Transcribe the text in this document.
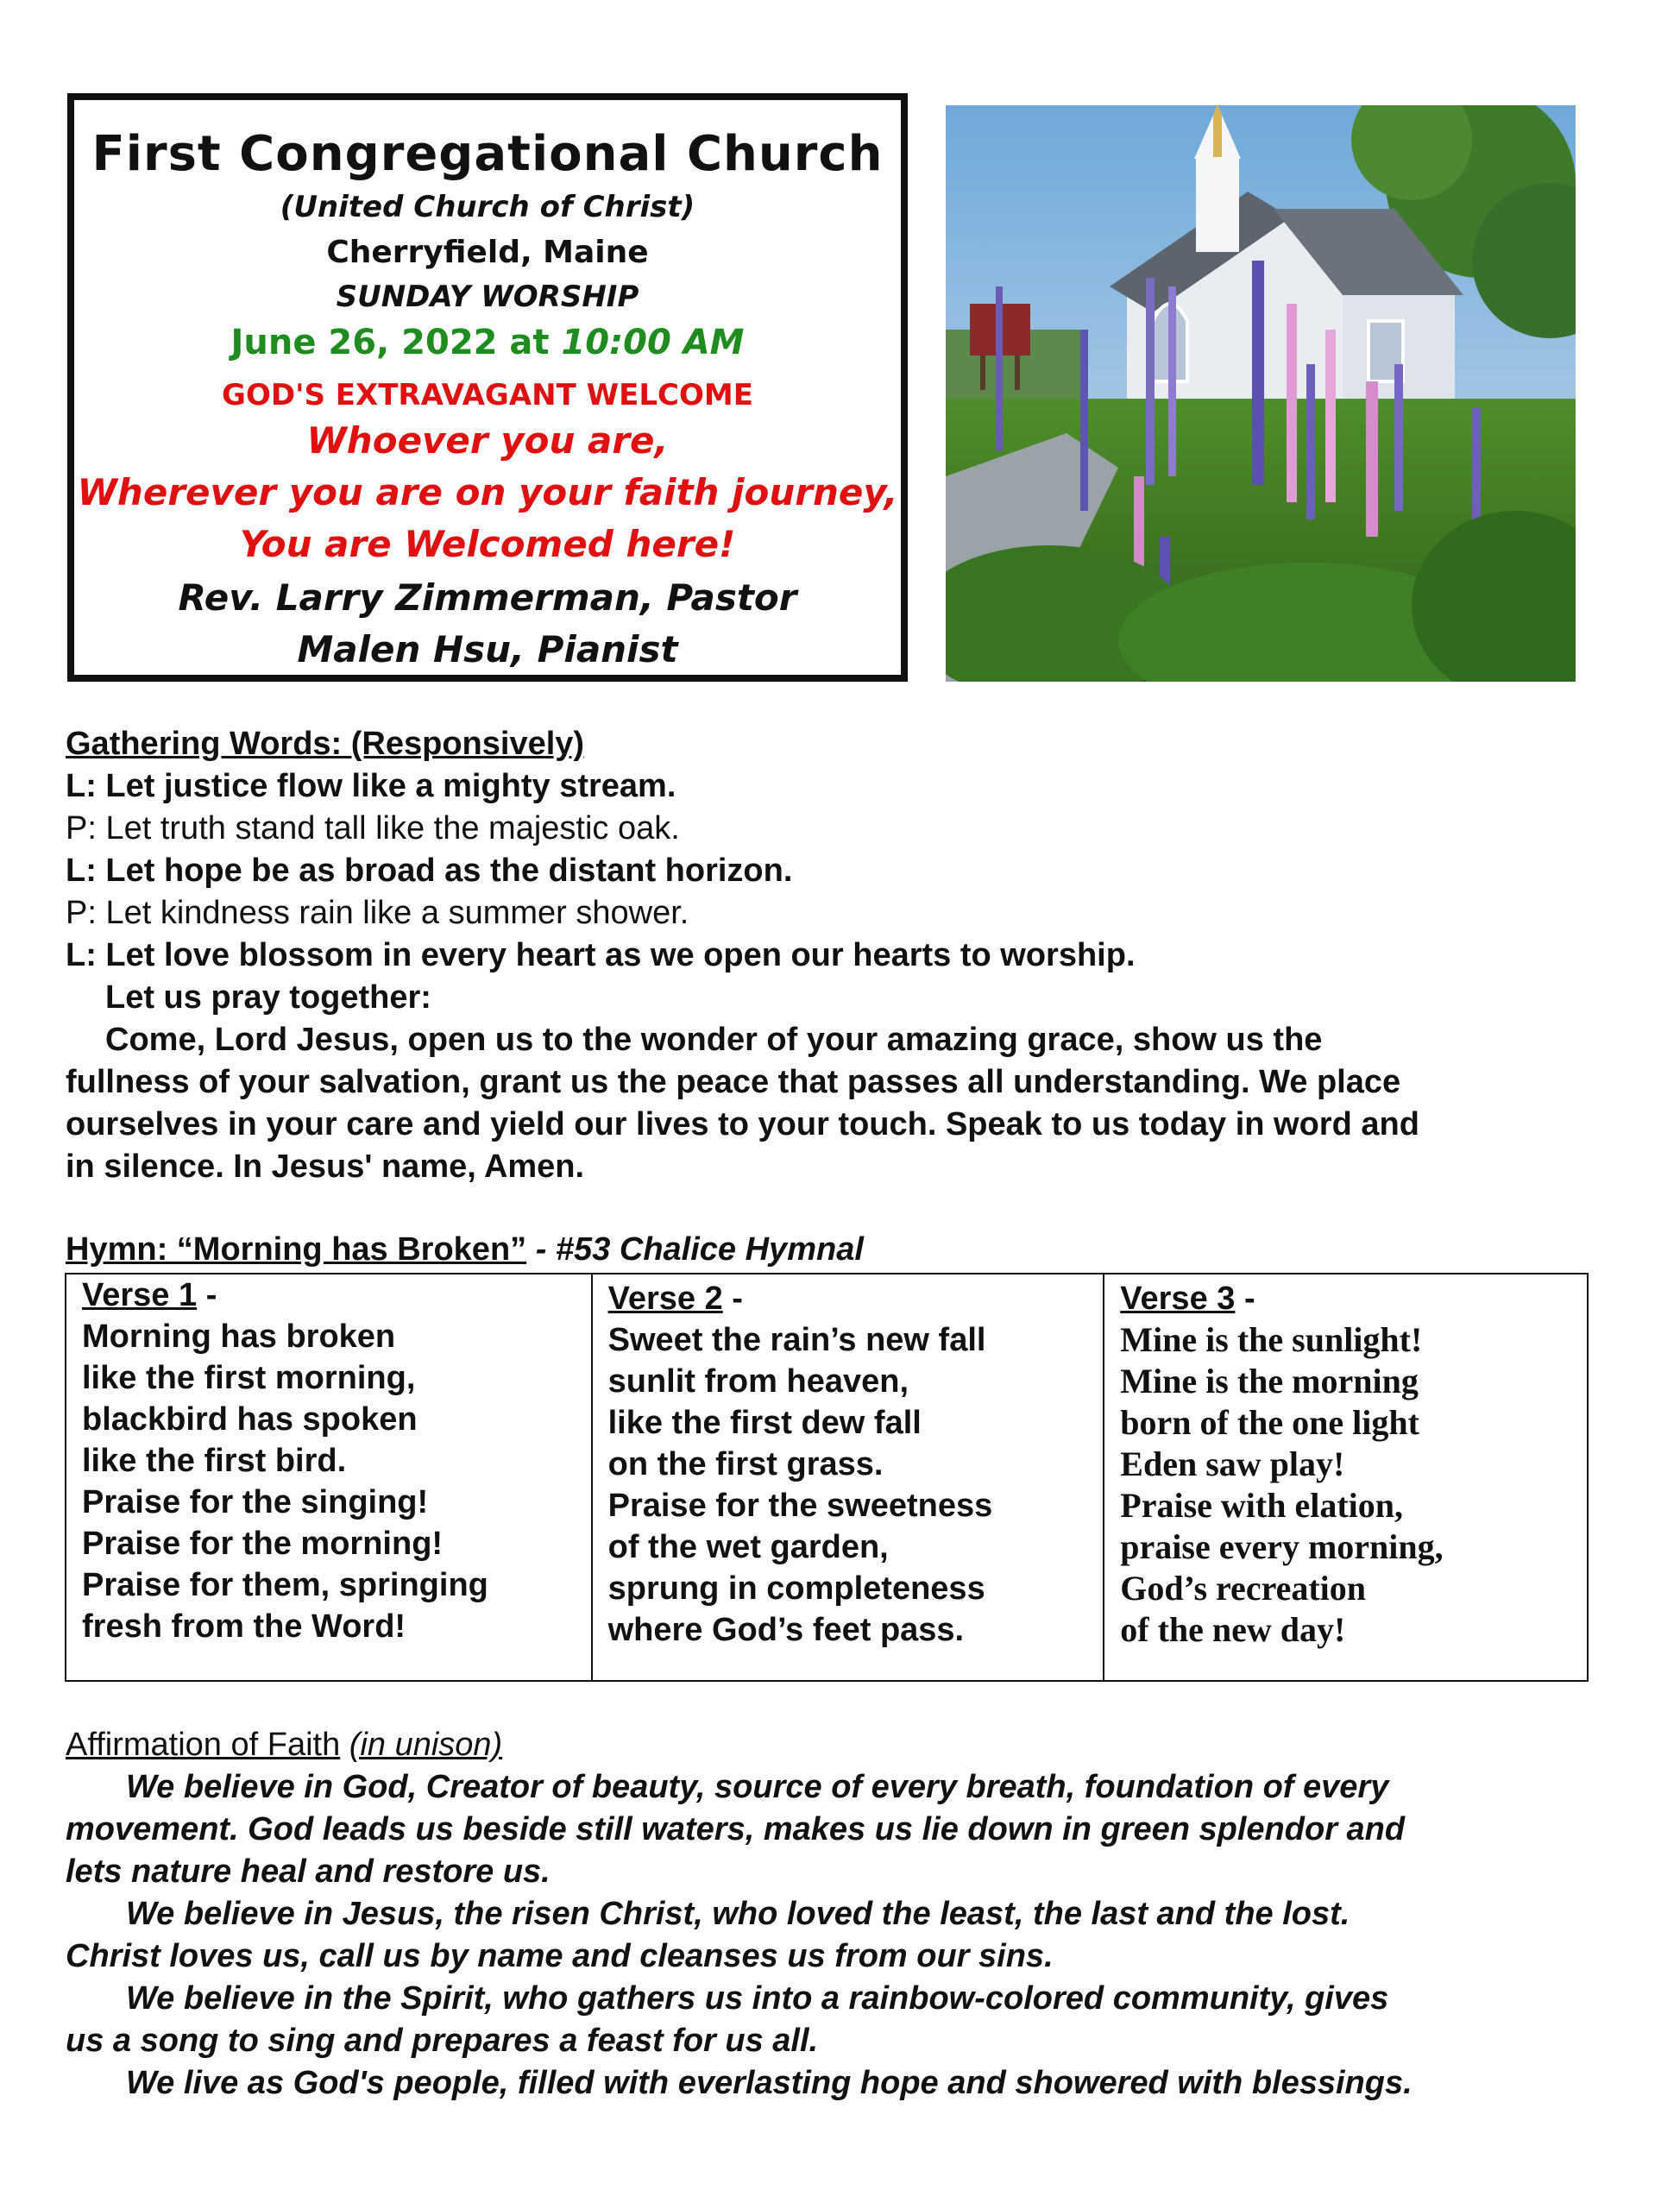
First Congregational Church
(United Church of Christ)
Cherryfield, Maine
SUNDAY WORSHIP
June 26, 2022 at 10:00 AM
GOD'S EXTRAVAGANT WELCOME
Whoever you are,
Wherever you are on your faith journey,
You are Welcomed here!
Rev. Larry Zimmerman, Pastor
Malen Hsu, Pianist
Gathering Words: (Responsively)
L: Let justice flow like a mighty stream.
P: Let truth stand tall like the majestic oak.
L: Let hope be as broad as the distant horizon.
P: Let kindness rain like a summer shower.
L: Let love blossom in every heart as we open our hearts to worship.
Let us pray together:
Come, Lord Jesus, open us to the wonder of your amazing grace, show us the
fullness of your salvation, grant us the peace that passes all understanding. We place
ourselves in your care and yield our lives to your touch. Speak to us today in word and
in silence. In Jesus' name, Amen.
Hymn: “Morning has Broken” - #53 Chalice Hymnal
Verse 1 -
Morning has broken
like the first morning,
blackbird has spoken
like the first bird.
Praise for the singing!
Praise for the morning!
Praise for them, springing
fresh from the Word!
Verse 2 -
Sweet the rain’s new fall
sunlit from heaven,
like the first dew fall
on the first grass.
Praise for the sweetness
of the wet garden,
sprung in completeness
where God’s feet pass.
Verse 3 -
Mine is the sunlight!
Mine is the morning
born of the one light
Eden saw play!
Praise with elation,
praise every morning,
God’s recreation
of the new day!
Affirmation of Faith (in unison)
We believe in God, Creator of beauty, source of every breath, foundation of every
movement. God leads us beside still waters, makes us lie down in green splendor and
lets nature heal and restore us.
We believe in Jesus, the risen Christ, who loved the least, the last and the lost.
Christ loves us, call us by name and cleanses us from our sins.
We believe in the Spirit, who gathers us into a rainbow-colored community, gives
us a song to sing and prepares a feast for us all.
We live as God's people, filled with everlasting hope and showered with blessings.
